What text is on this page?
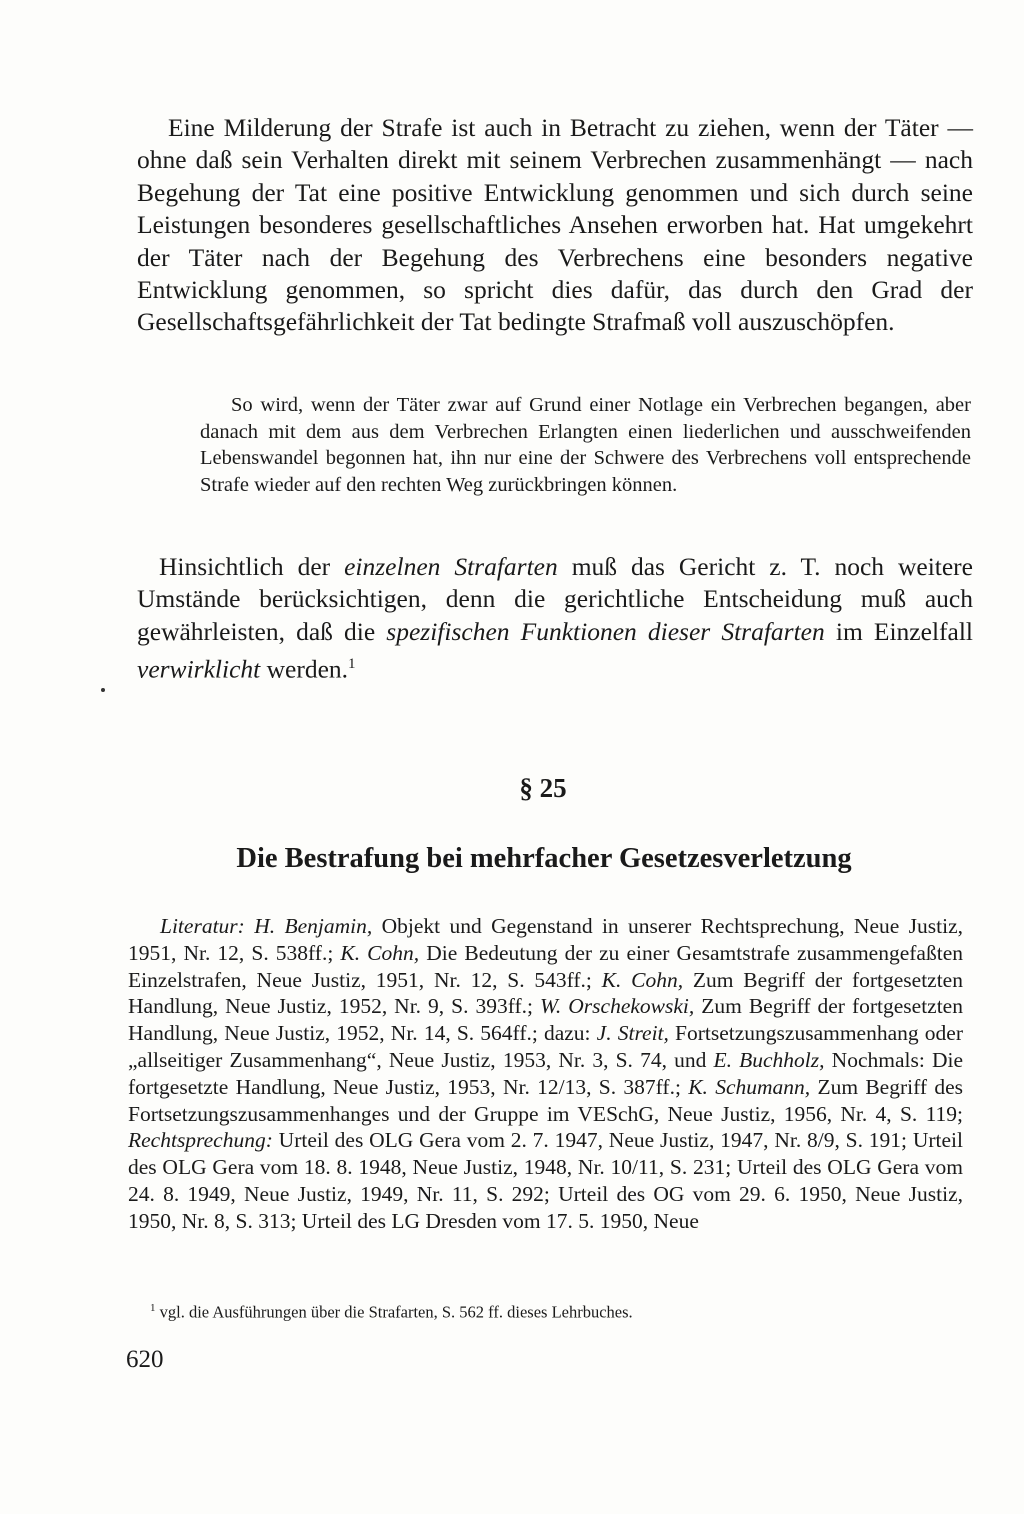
Eine Milderung der Strafe ist auch in Betracht zu ziehen, wenn der Täter — ohne daß sein Verhalten direkt mit seinem Verbrechen zusammenhängt — nach Begehung der Tat eine positive Entwicklung genommen und sich durch seine Leistungen besonderes gesellschaftliches Ansehen erworben hat. Hat umgekehrt der Täter nach der Begehung des Verbrechens eine besonders negative Entwicklung genommen, so spricht dies dafür, das durch den Grad der Gesellschaftsgefährlichkeit der Tat bedingte Strafmaß voll auszuschöpfen.

So wird, wenn der Täter zwar auf Grund einer Notlage ein Verbrechen begangen, aber danach mit dem aus dem Verbrechen Erlangten einen liederlichen und ausschweifenden Lebenswandel begonnen hat, ihn nur eine der Schwere des Verbrechens voll entsprechende Strafe wieder auf den rechten Weg zurückbringen können.

Hinsichtlich der einzelnen Strafarten muß das Gericht z. T. noch weitere Umstände berücksichtigen, denn die gerichtliche Entscheidung muß auch gewährleisten, daß die spezifischen Funktionen dieser Strafarten im Einzelfall verwirklicht werden.$^1$

§ 25
Die Bestrafung bei mehrfacher Gesetzesverletzung

Literatur: H. Benjamin, Objekt und Gegenstand in unserer Rechtsprechung, Neue Justiz, 1951, Nr. 12, S. 538ff.; K. Cohn, Die Bedeutung der zu einer Gesamtstrafe zusammengefaßten Einzelstrafen, Neue Justiz, 1951, Nr. 12, S. 543ff.; K. Cohn, Zum Begriff der fortgesetzten Handlung, Neue Justiz, 1952, Nr. 9, S. 393ff.; W. Orschekowski, Zum Begriff der fortgesetzten Handlung, Neue Justiz, 1952, Nr. 14, S. 564ff.; dazu: J. Streit, Fortsetzungszusammenhang oder „allseitiger Zusammenhang“, Neue Justiz, 1953, Nr. 3, S. 74, und E. Buchholz, Nochmals: Die fortgesetzte Handlung, Neue Justiz, 1953, Nr. 12/13, S. 387ff.; K. Schumann, Zum Begriff des Fortsetzungszusammenhanges und der Gruppe im VESchG, Neue Justiz, 1956, Nr. 4, S. 119; Rechtsprechung: Urteil des OLG Gera vom 2. 7. 1947, Neue Justiz, 1947, Nr. 8/9, S. 191; Urteil des OLG Gera vom 18. 8. 1948, Neue Justiz, 1948, Nr. 10/11, S. 231; Urteil des OLG Gera vom 24. 8. 1949, Neue Justiz, 1949, Nr. 11, S. 292; Urteil des OG vom 29. 6. 1950, Neue Justiz, 1950, Nr. 8, S. 313; Urteil des LG Dresden vom 17. 5. 1950, Neue

$^1$ vgl. die Ausführungen über die Strafarten, S. 562 ff. dieses Lehrbuches.

620
